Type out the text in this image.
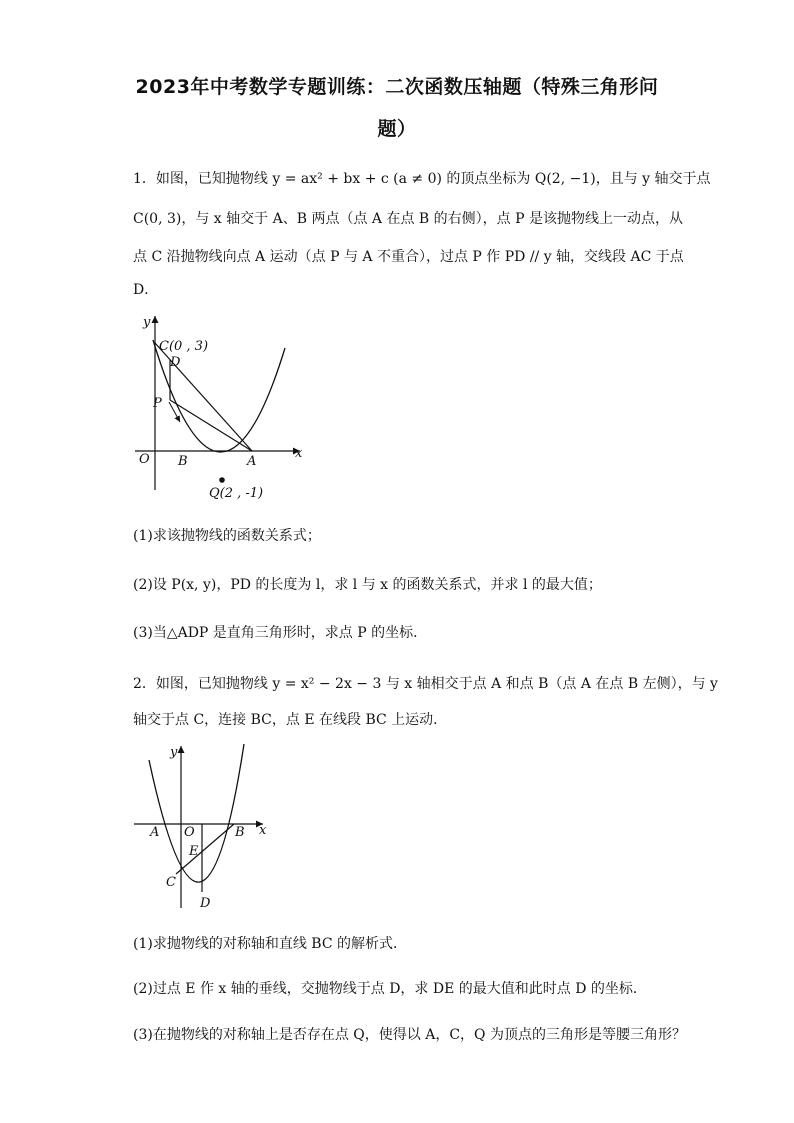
2023年中考数学专题训练：二次函数压轴题（特殊三角形问
题）
1．如图，已知抛物线 y = ax² + bx + c (a ≠ 0) 的顶点坐标为 Q(2, −1)，且与 y 轴交于点
C(0, 3)，与 x 轴交于 A、B 两点（点 A 在点 B 的右侧），点 P 是该抛物线上一动点，从
点 C 沿抛物线向点 A 运动（点 P 与 A 不重合），过点 P 作 PD // y 轴，交线段 AC 于点
D．
y
x
C(0 , 3)
D
P
O B	A
Q(2 , -1)
(1)求该抛物线的函数关系式；
(2)设 P(x, y)，PD 的长度为 l，求 l 与 x 的函数关系式，并求 l 的最大值；
(3)当△ADP 是直角三角形时，求点 P 的坐标．
2．如图，已知抛物线 y = x² − 2x − 3 与 x 轴相交于点 A 和点 B（点 A 在点 B 左侧），与 y
轴交于点 C，连接 BC，点 E 在线段 BC 上运动．
y
x
A O	B
E
C
D
(1)求抛物线的对称轴和直线 BC 的解析式．
(2)过点 E 作 x 轴的垂线，交抛物线于点 D，求 DE 的最大值和此时点 D 的坐标．
(3)在抛物线的对称轴上是否存在点 Q，使得以 A，C，Q 为顶点的三角形是等腰三角形？
